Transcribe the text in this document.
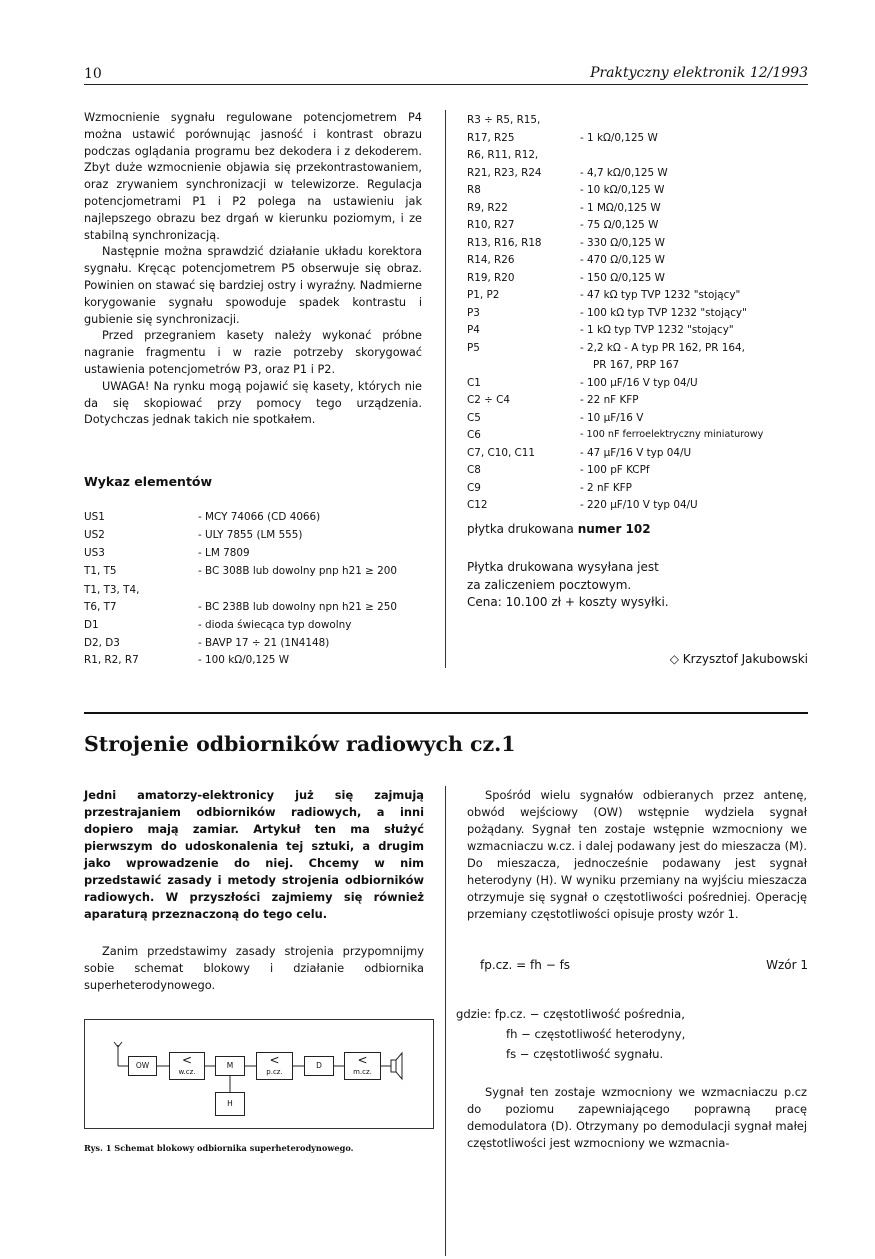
10	Praktyczny elektronik 12/1993

Wzmocnienie sygnału regulowane potencjometrem P4 można ustawić porównując jasność i kontrast obrazu podczas oglądania programu bez dekodera i z dekoderem. Zbyt duże wzmocnienie objawia się przekontrastowaniem, oraz zrywaniem synchronizacji w telewizorze. Regulacja potencjometrami P1 i P2 polega na ustawieniu jak najlepszego obrazu bez drgań w kierunku poziomym, i ze stabilną synchronizacją.

Następnie można sprawdzić działanie układu korektora sygnału. Kręcąc potencjometrem P5 obserwuje się obraz. Powinien on stawać się bardziej ostry i wyraźny. Nadmierne korygowanie sygnału spowoduje spadek kontrastu i gubienie się synchronizacji.

Przed przegraniem kasety należy wykonać próbne nagranie fragmentu i w razie potrzeby skorygować ustawienia potencjometrów P3, oraz P1 i P2.

UWAGA! Na rynku mogą pojawić się kasety, których nie da się skopiować przy pomocy tego urządzenia. Dotychczas jednak takich nie spotkałem.

Wykaz elementów
US1	- MCY 74066 (CD 4066)
US2	- ULY 7855 (LM 555)
US3	- LM 7809
T1, T5	- BC 308B lub dowolny pnp h21 ≥ 200
T1, T3, T4,
T6, T7	- BC 238B lub dowolny npn h21 ≥ 250
D1	- dioda świecąca typ dowolny
D2, D3	- BAVP 17 ÷ 21 (1N4148)
R1, R2, R7	- 100 kΩ/0,125 W
R3 ÷ R5, R15,
R17, R25	- 1 kΩ/0,125 W
R6, R11, R12,
R21, R23, R24	- 4,7 kΩ/0,125 W
R8	- 10 kΩ/0,125 W
R9, R22	- 1 MΩ/0,125 W
R10, R27	- 75 Ω/0,125 W
R13, R16, R18	- 330 Ω/0,125 W
R14, R26	- 470 Ω/0,125 W
R19, R20	- 150 Ω/0,125 W
P1, P2	- 47 kΩ typ TVP 1232 "stojący"
P3	- 100 kΩ typ TVP 1232 "stojący"
P4	- 1 kΩ typ TVP 1232 "stojący"
P5	- 2,2 kΩ - A typ PR 162, PR 164,
PR 167, PRP 167
C1	- 100 µF/16 V typ 04/U
C2 ÷ C4	- 22 nF KFP
C5	- 10 µF/16 V
C6	- 100 nF ferroelektryczny miniaturowy
C7, C10, C11	- 47 µF/16 V typ 04/U
C8	- 100 pF KCPf
C9	- 2 nF KFP
C12	- 220 µF/10 V typ 04/U
płytka drukowana numer 102
Płytka drukowana wysyłana jest
za zaliczeniem pocztowym.
Cena: 10.100 zł + koszty wysyłki.
◇ Krzysztof Jakubowski
Strojenie odbiorników radiowych cz.1

Jedni amatorzy-elektronicy już się zajmują przestrajaniem odbiorników radiowych, a inni dopiero mają zamiar. Artykuł ten ma służyć pierwszym do udoskonalenia tej sztuki, a drugim jako wprowadzenie do niej. Chcemy w nim przedstawić zasady i metody strojenia odbiorników radiowych. W przyszłości zajmiemy się również aparaturą przeznaczoną do tego celu.

Zanim przedstawimy zasady strojenia przypomnijmy sobie schemat blokowy i działanie odbiornika superheterodynowego.

OW	<
w.cz.
M	<
p.cz.
D	<
m.cz.
H
Rys. 1 Schemat blokowy odbiornika superheterodynowego.

Spośród wielu sygnałów odbieranych przez antenę, obwód wejściowy (OW) wstępnie wydziela sygnał pożądany. Sygnał ten zostaje wstępnie wzmocniony we wzmacniaczu w.cz. i dalej podawany jest do mieszacza (M). Do mieszacza, jednocześnie podawany jest sygnał heterodyny (H). W wyniku przemiany na wyjściu mieszacza otrzymuje się sygnał o częstotliwości pośredniej. Operację przemiany częstotliwości opisuje prosty wzór 1.

fp.cz. = fh − fs	Wzór 1
gdzie: fp.cz. − częstotliwość pośrednia,
fh − częstotliwość heterodyny,
fs − częstotliwość sygnału.

Sygnał ten zostaje wzmocniony we wzmacniaczu p.cz do poziomu zapewniającego poprawną pracę demodulatora (D). Otrzymany po demodulacji sygnał małej częstotliwości jest wzmocniony we wzmacnia-
